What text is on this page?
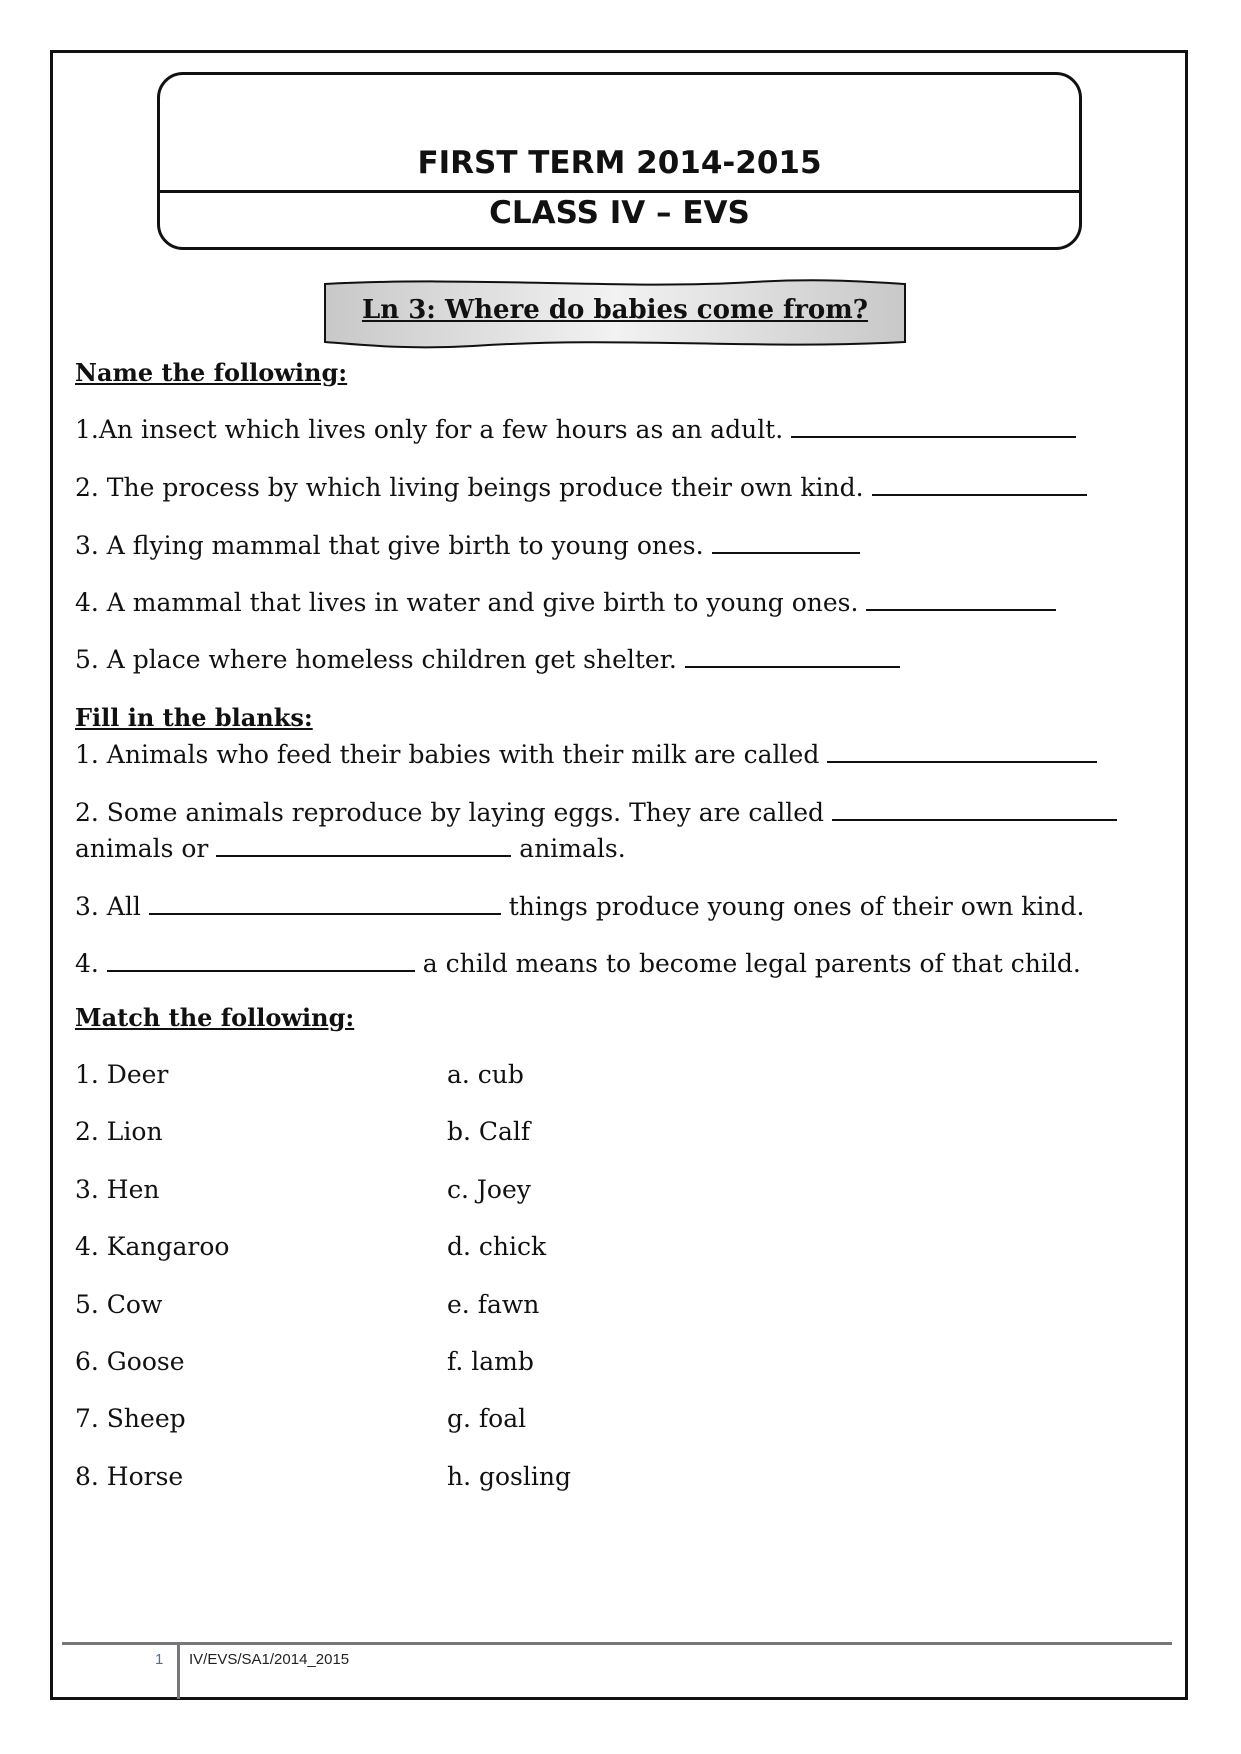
FIRST TERM 2014-2015
CLASS IV – EVS
Ln 3: Where do babies come from?
Name the following:
1.An insect which lives only for a few hours as an adult.
2. The process by which living beings produce their own kind.
3. A flying mammal that give birth to young ones.
4. A mammal that lives in water and give birth to young ones.
5. A place where homeless children get shelter.
Fill in the blanks:
1. Animals who feed their babies with their milk are called
2. Some animals reproduce by laying eggs. They are called
animals or	animals.
3. All	things produce young ones of their own kind.
4.	a child means to become legal parents of that child.
Match the following:
1. Deer	a. cub
2. Lion	b. Calf
3. Hen	c. Joey
4. Kangaroo	d. chick
5. Cow	e. fawn
6. Goose	f. lamb
7. Sheep	g. foal
8. Horse	h. gosling
1 IV/EVS/SA1/2014_2015
